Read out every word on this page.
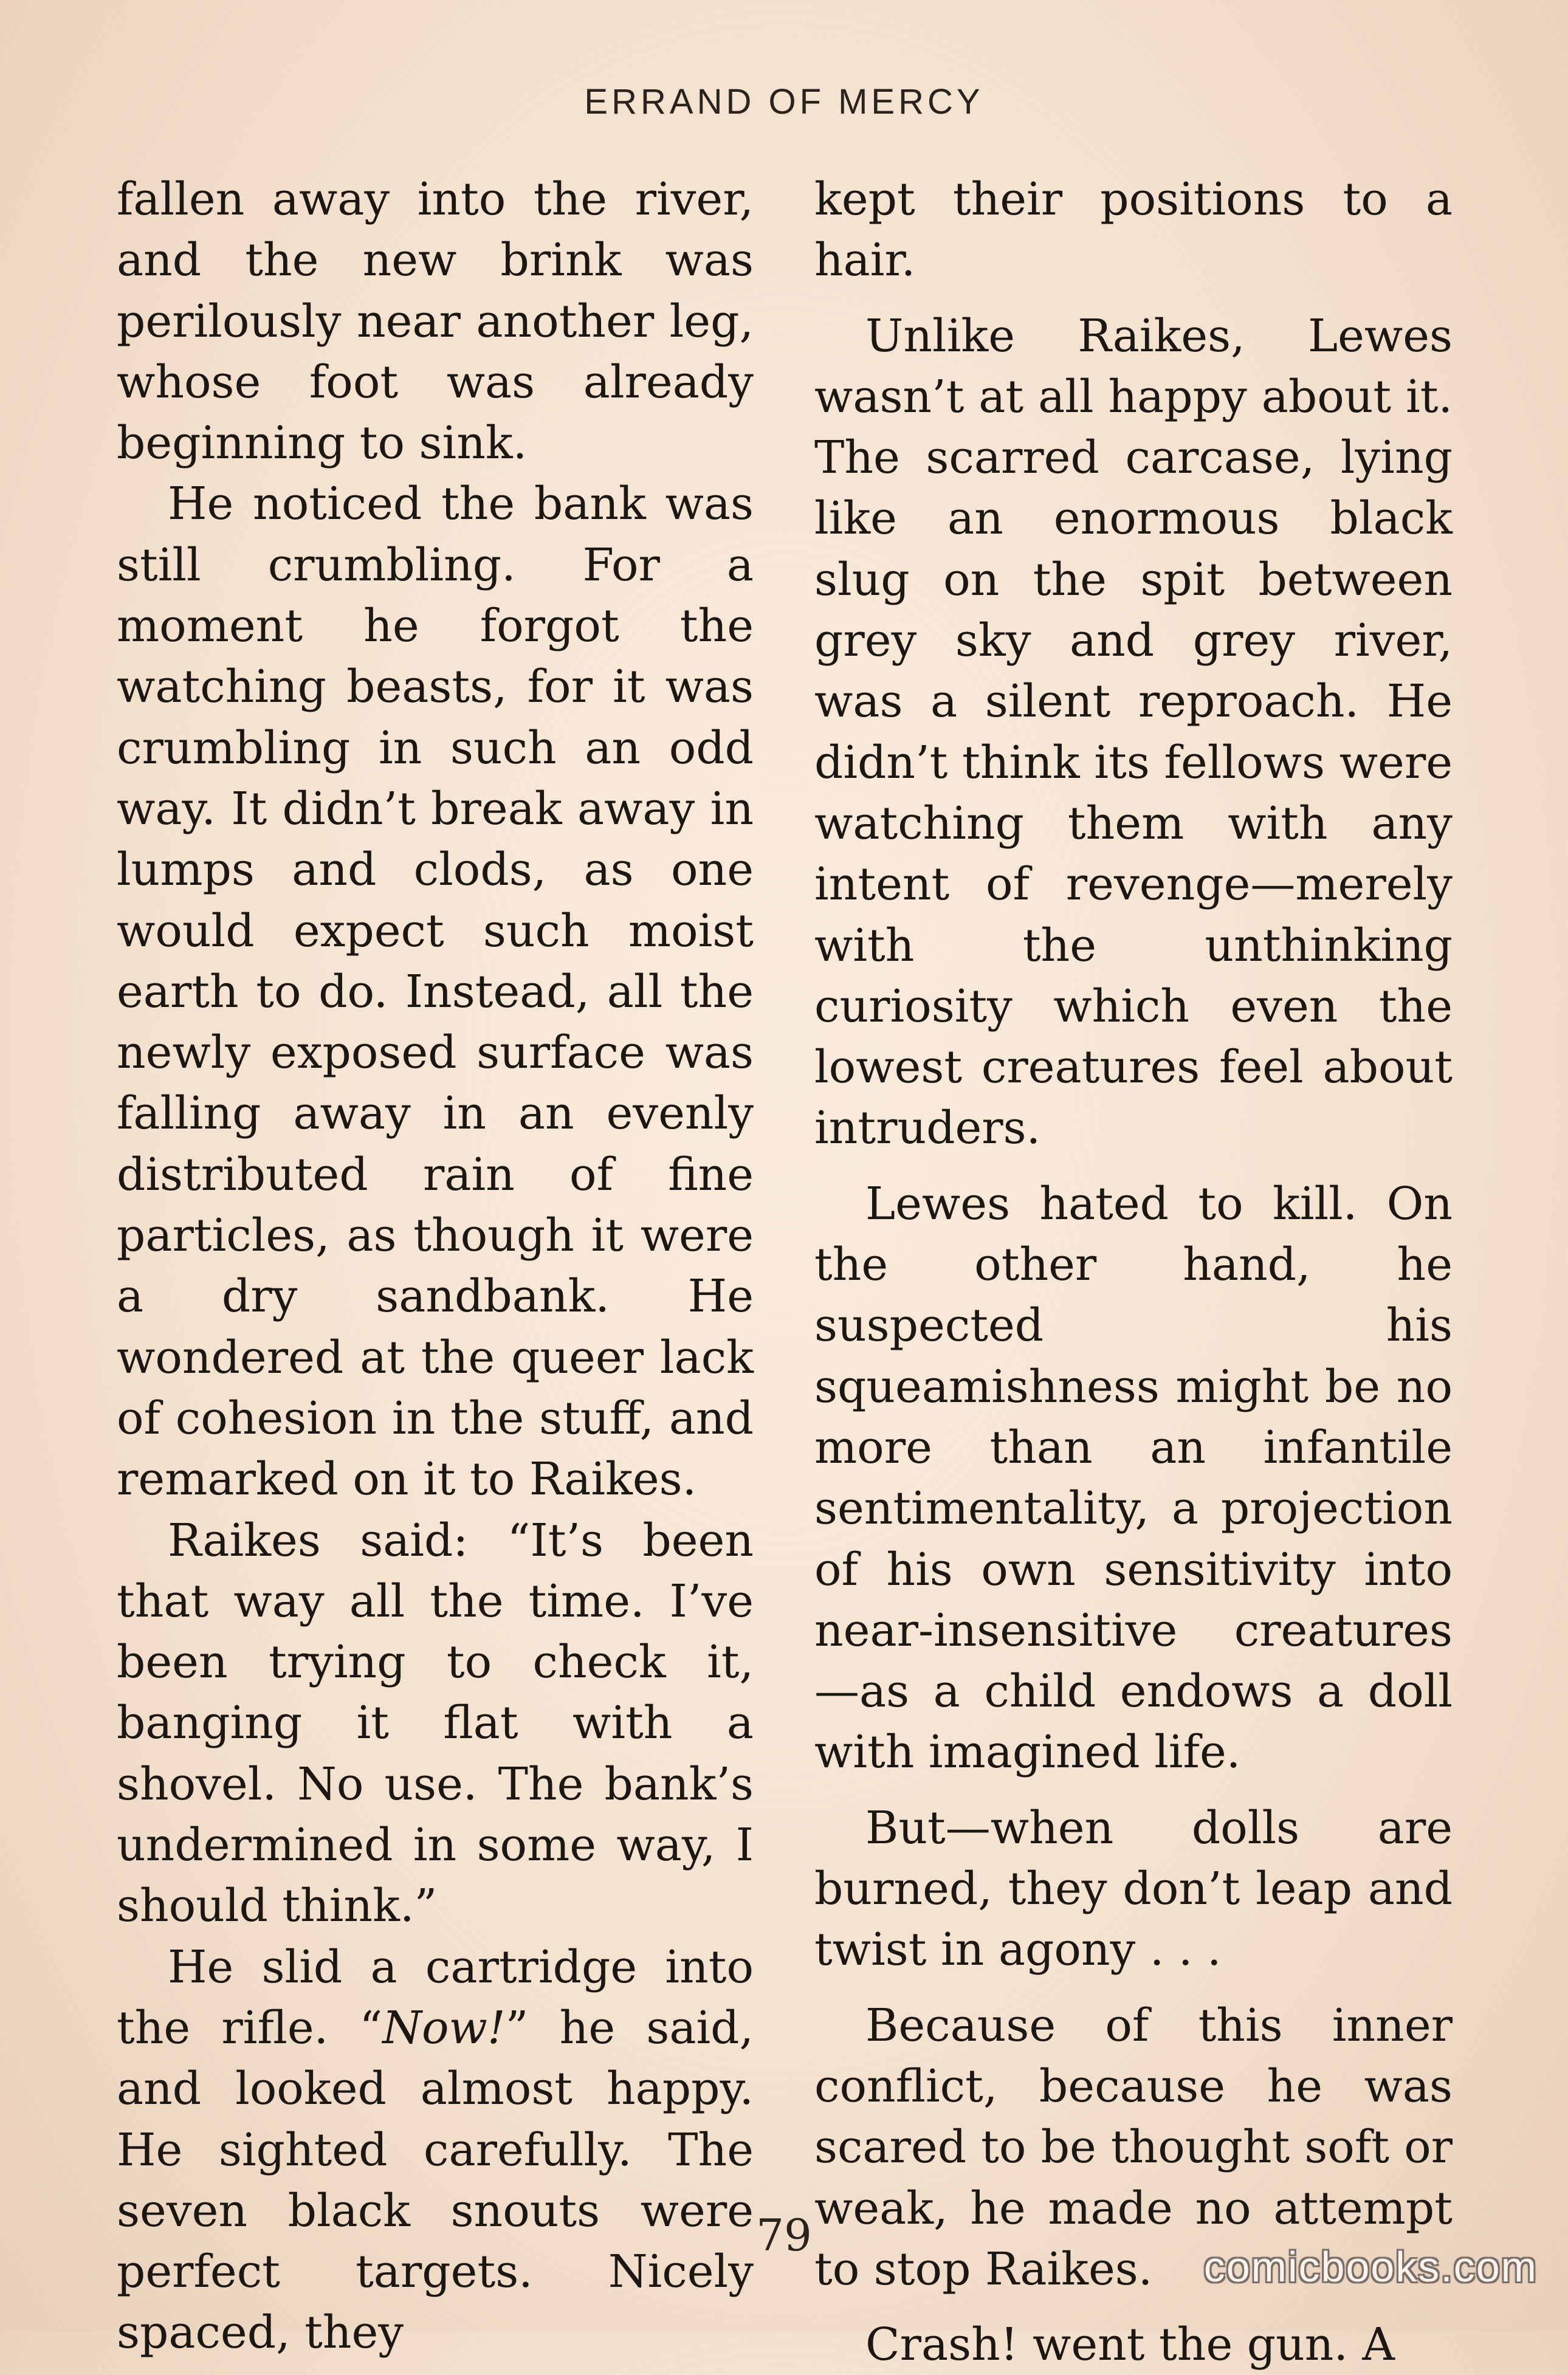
ERRAND OF MERCY

fallen away into the river, and the new brink was perilously near another leg, whose foot was already beginning to sink.

He noticed the bank was still crumbling. For a moment he forgot the watching beasts, for it was crumbling in such an odd way. It didn’t break away in lumps and clods, as one would expect such moist earth to do. Instead, all the newly exposed surface was falling away in an evenly distributed rain of fine particles, as though it were a dry sandbank. He wondered at the queer lack of cohesion in the stuff, and remarked on it to Raikes.

Raikes said: “It’s been that way all the time. I’ve been trying to check it, banging it flat with a shovel. No use. The bank’s undermined in some way, I should think.”

He slid a cartridge into the rifle. “Now!” he said, and looked almost happy. He sighted carefully. The seven black snouts were perfect targets. Nicely spaced, they

kept their positions to a hair.

Unlike Raikes, Lewes wasn’t at all happy about it. The scarred carcase, lying like an enormous black slug on the spit between grey sky and grey river, was a silent reproach. He didn’t think its fellows were watching them with any intent of revenge—merely with the unthinking curiosity which even the lowest creatures feel about intruders.

Lewes hated to kill. On the other hand, he suspected his squeamishness might be no more than an infantile sentimentality, a projection of his own sensitivity into near-insensitive creatures—as a child endows a doll with imagined life.

But—when dolls are burned, they don’t leap and twist in agony . . .

Because of this inner conflict, because he was scared to be thought soft or weak, he made no attempt to stop Raikes.

Crash! went the gun. A

79
comicbooks.com
